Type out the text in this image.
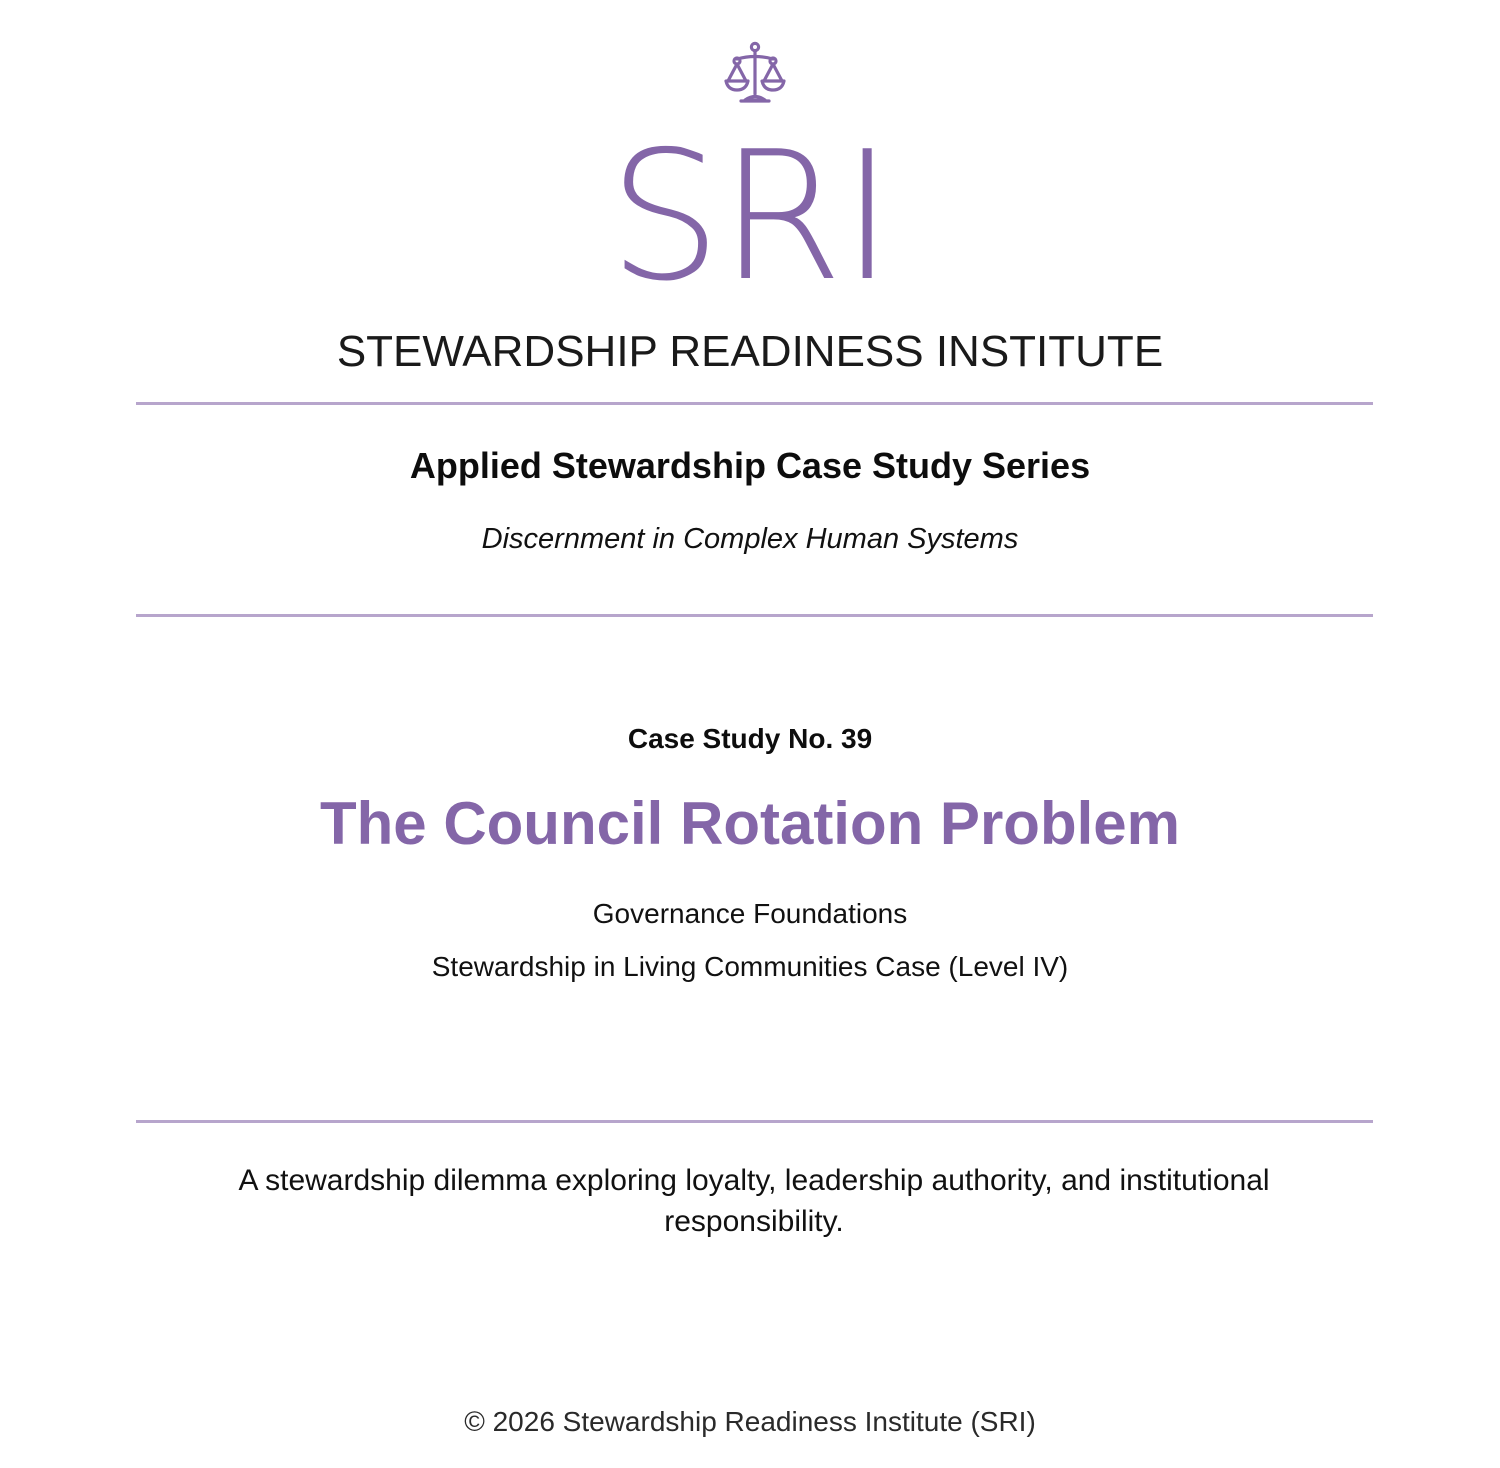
SRI
STEWARDSHIP READINESS INSTITUTE
Applied Stewardship Case Study Series
Discernment in Complex Human Systems
Case Study No. 39
The Council Rotation Problem
Governance Foundations
Stewardship in Living Communities Case (Level IV)
A stewardship dilemma exploring loyalty, leadership authority, and institutional responsibility.
© 2026 Stewardship Readiness Institute (SRI)
